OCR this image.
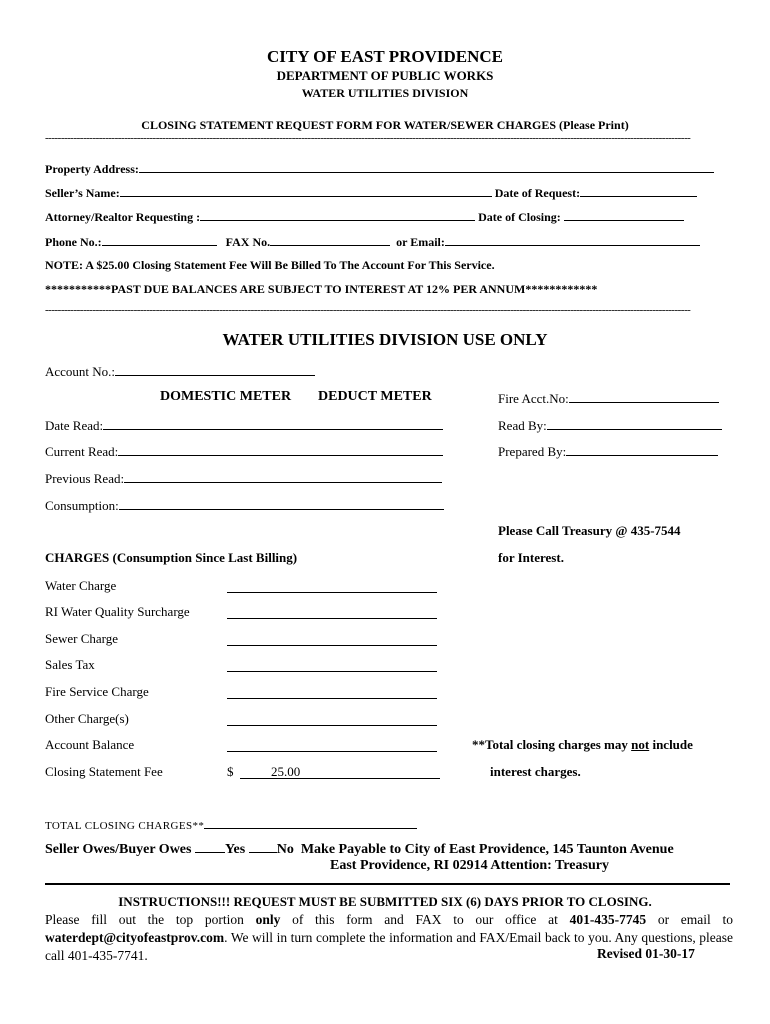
CITY OF EAST PROVIDENCE
DEPARTMENT OF PUBLIC WORKS
WATER UTILITIES DIVISION
CLOSING STATEMENT REQUEST FORM FOR WATER/SEWER CHARGES (Please Print)
------------------------------------------------------------------------------------------------------------------------------------------------------------------------------------------------------------
Property Address:
Seller’s Name:	Date of Request:
Attorney/Realtor Requesting :	Date of Closing:
Phone No.:	FAX No.	or Email:
NOTE: A $25.00 Closing Statement Fee Will Be Billed To The Account For This Service.
***********PAST DUE BALANCES ARE SUBJECT TO INTEREST AT 12% PER ANNUM************
------------------------------------------------------------------------------------------------------------------------------------------------------------------------------------------------------------
WATER UTILITIES DIVISION USE ONLY
Account No.:
DOMESTIC METER DEDUCT METER	Fire Acct.No:
Date Read:	Read By:
Current Read:	Prepared By:
Previous Read:
Consumption:
Please Call Treasury @ 435-7544
for Interest.
CHARGES (Consumption Since Last Billing)
Water Charge
RI Water Quality Surcharge
Sewer Charge
Sales Tax
Fire Service Charge
Other Charge(s)
Account Balance	**Total closing charges may not include
Closing Statement Fee	$	25.00	interest charges.
TOTAL CLOSING CHARGES**
Seller Owes/Buyer Owes Yes No Make Payable to City of East Providence, 145 Taunton Avenue
East Providence, RI 02914 Attention: Treasury
INSTRUCTIONS!!! REQUEST MUST BE SUBMITTED SIX (6) DAYS PRIOR TO CLOSING.
Please fill out the top portion only of this form and FAX to our office at 401-435-7745 or email to waterdept@cityofeastprov.com. We will in turn complete the information and FAX/Email back to you. Any questions, please call 401-435-7741.	Revised 01-30-17
